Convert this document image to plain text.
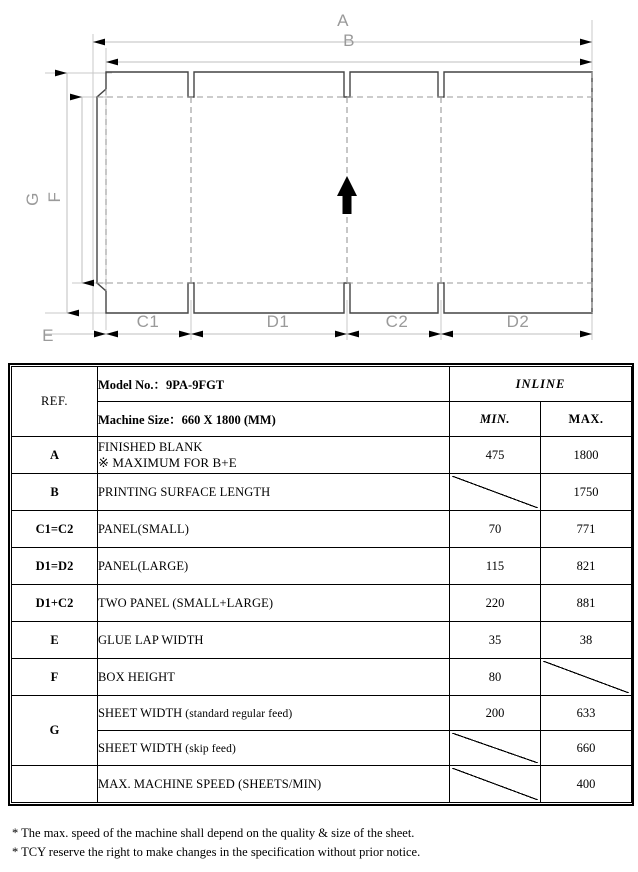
A
B
G F
E
C1	D1	C2	D2
REF.	Model No.：9PA-9FGT	INLINE	
	Machine Size：660 X 1800 (MM)	MIN.	MAX.
A	FINISHED BLANK
※ MAXIMUM FOR B+E	475	1800
B	PRINTING SURFACE LENGTH		1750
C1=C2	PANEL(SMALL)	70	771
D1=D2	PANEL(LARGE)	115	821
D1+C2	TWO PANEL (SMALL+LARGE)	220	881
E	GLUE LAP WIDTH	35	38
F	BOX HEIGHT	80	
G	SHEET WIDTH (standard regular feed)	200	633
	SHEET WIDTH (skip feed)		660
	MAX. MACHINE SPEED (SHEETS/MIN)		400
* The max. speed of the machine shall depend on the quality & size of the sheet.
* TCY reserve the right to make changes in the specification without prior notice.
